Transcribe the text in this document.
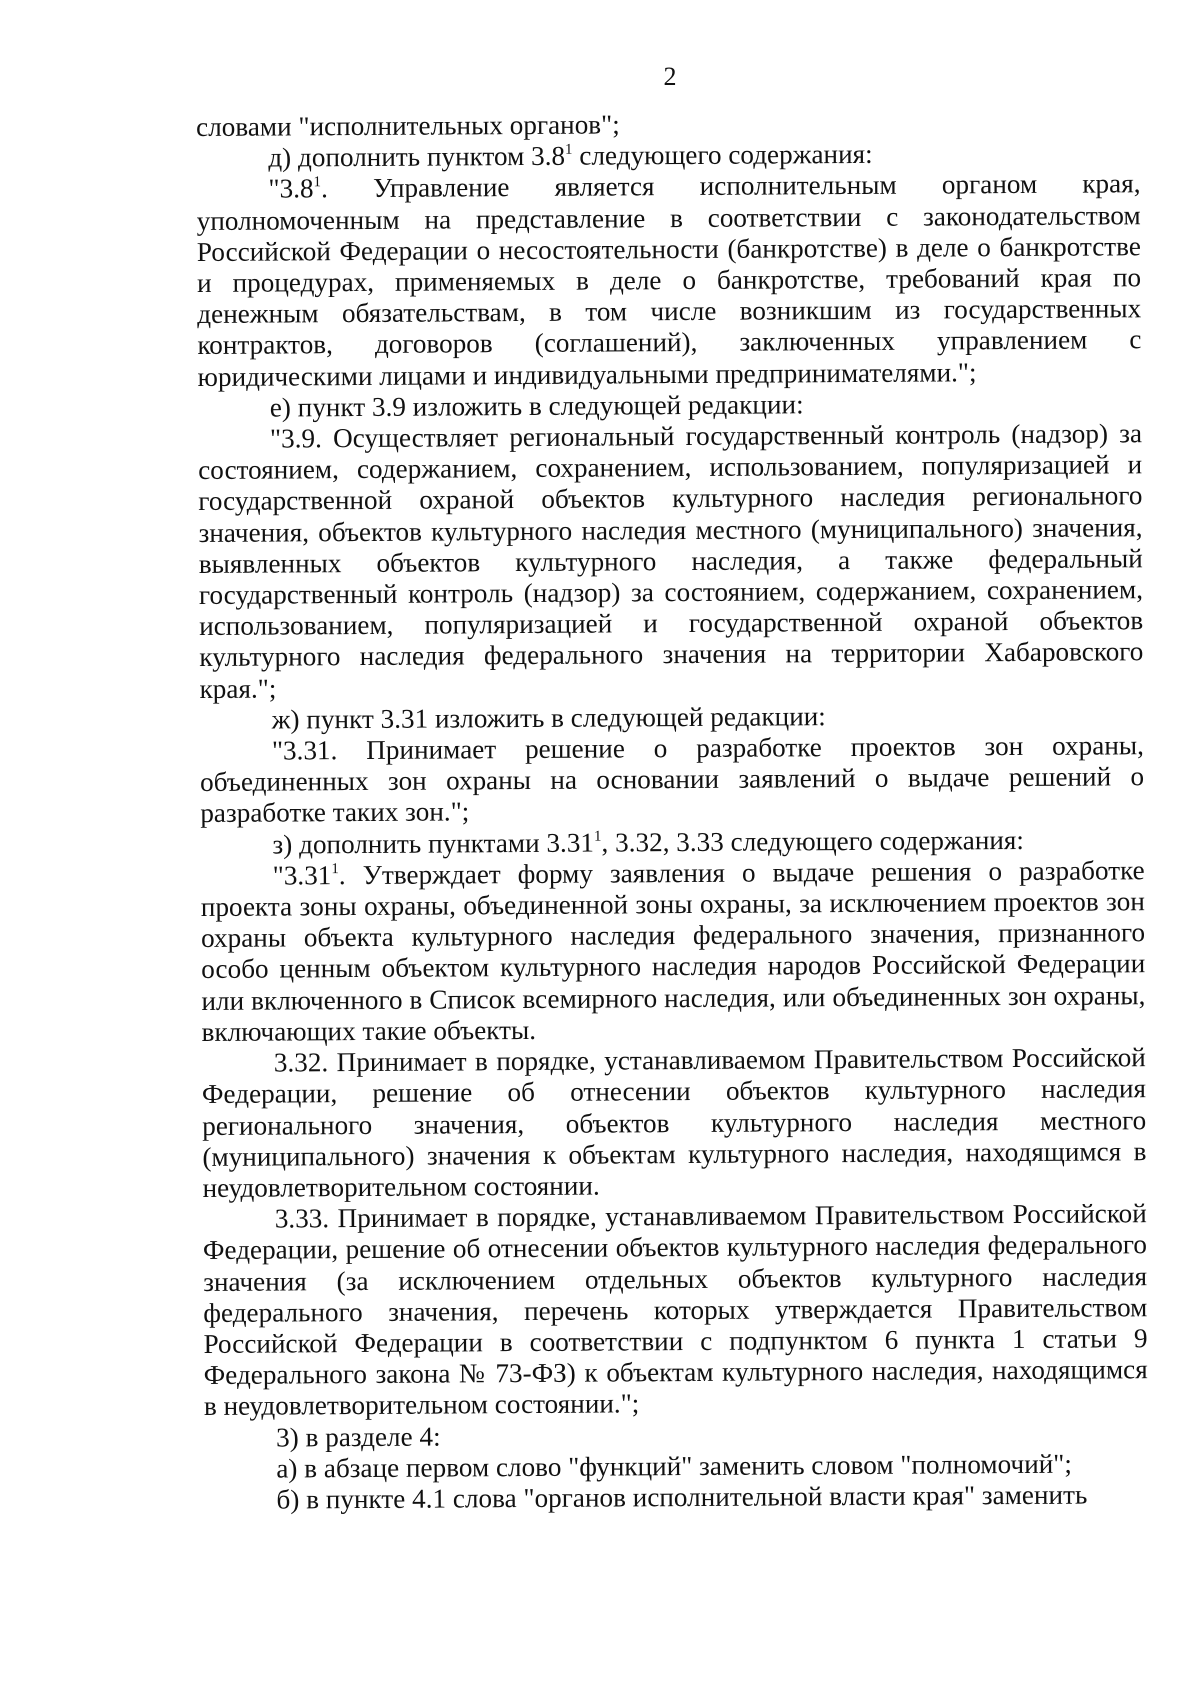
2

словами "исполнительных органов";

д) дополнить пунктом $3.8^1$ следующего содержания:

"$3.8^1$. Управление является исполнительным органом края, уполномоченным на представление в соответствии с законодательством Российской Федерации о несостоятельности (банкротстве) в деле о банкротстве и процедурах, применяемых в деле о банкротстве, требований края по денежным обязательствам, в том числе возникшим из государственных контрактов, договоров (соглашений), заключенных управлением с юридическими лицами и индивидуальными предпринимателями.";

е) пункт 3.9 изложить в следующей редакции:

"3.9. Осуществляет региональный государственный контроль (надзор) за состоянием, содержанием, сохранением, использованием, популяризацией и государственной охраной объектов культурного наследия регионального значения, объектов культурного наследия местного (муниципального) значения, выявленных объектов культурного наследия, а также федеральный государственный контроль (надзор) за состоянием, содержанием, сохранением, использованием, популяризацией и государственной охраной объектов культурного наследия федерального значения на территории Хабаровского края.";

ж) пункт 3.31 изложить в следующей редакции:

"3.31. Принимает решение о разработке проектов зон охраны, объединенных зон охраны на основании заявлений о выдаче решений о разработке таких зон.";

з) дополнить пунктами 3.31$^1$, 3.32, 3.33 следующего содержания:

"3.31$^1$. Утверждает форму заявления о выдаче решения о разработке проекта зоны охраны, объединенной зоны охраны, за исключением проектов зон охраны объекта культурного наследия федерального значения, признанного особо ценным объектом культурного наследия народов Российской Федерации или включенного в Список всемирного наследия, или объединенных зон охраны, включающих такие объекты.

3.32. Принимает в порядке, устанавливаемом Правительством Российской Федерации, решение об отнесении объектов культурного наследия регионального значения, объектов культурного наследия местного (муниципального) значения к объектам культурного наследия, находящимся в неудовлетворительном состоянии.

3.33. Принимает в порядке, устанавливаемом Правительством Российской Федерации, решение об отнесении объектов культурного наследия федерального значения (за исключением отдельных объектов культурного наследия федерального значения, перечень которых утверждается Правительством Российской Федерации в соответствии с подпунктом 6 пункта 1 статьи 9 Федерального закона № 73-ФЗ) к объектам культурного наследия, находящимся в неудовлетворительном состоянии.";

3) в разделе 4:

а) в абзаце первом слово "функций" заменить словом "полномочий";

б) в пункте 4.1 слова "органов исполнительной власти края" заменить
